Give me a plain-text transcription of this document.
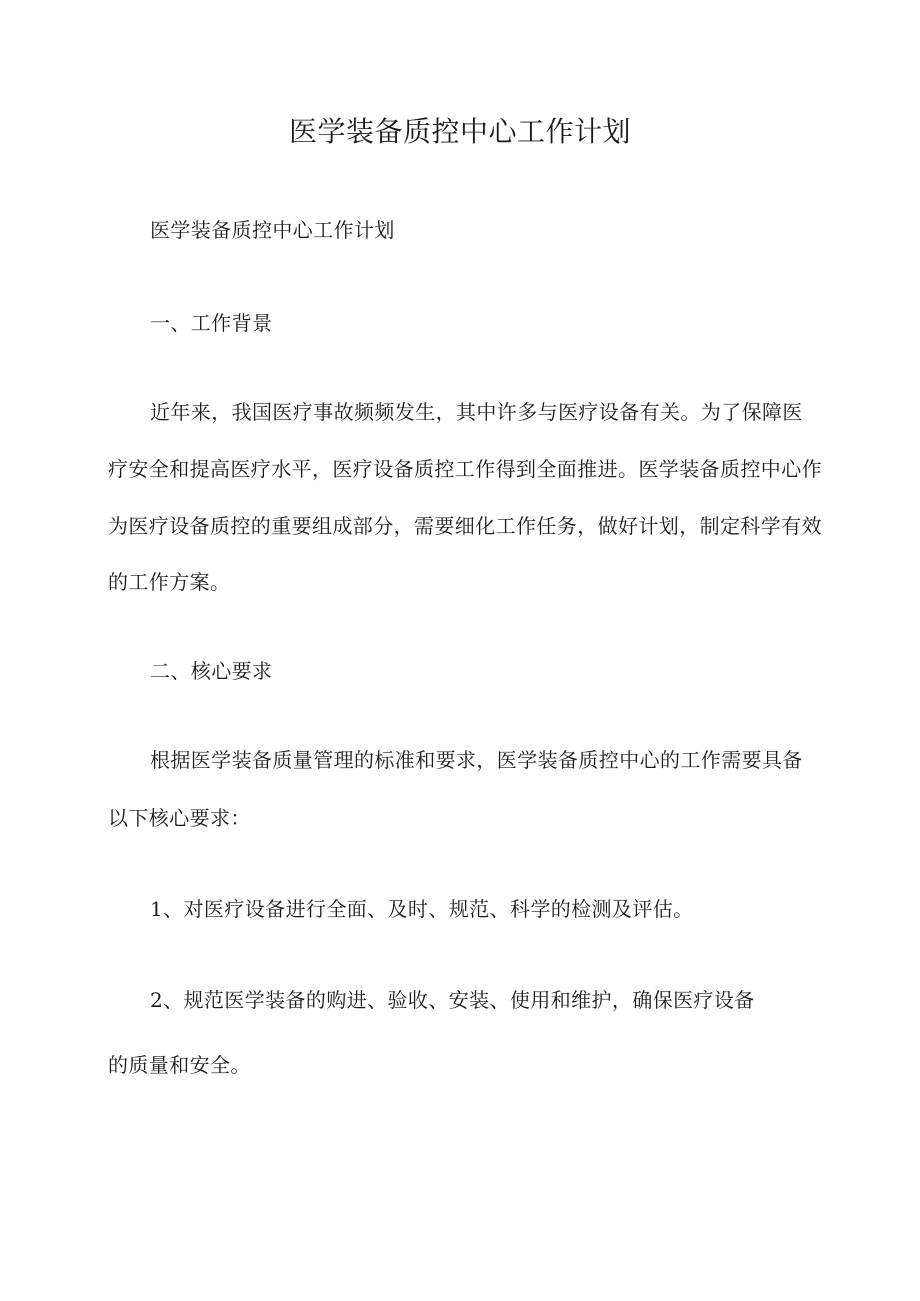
医学装备质控中心工作计划
医学装备质控中心工作计划
一、工作背景
近年来，我国医疗事故频频发生，其中许多与医疗设备有关。为了保障医
疗安全和提高医疗水平，医疗设备质控工作得到全面推进。医学装备质控中心作
为医疗设备质控的重要组成部分，需要细化工作任务，做好计划，制定科学有效
的工作方案。
二、核心要求
根据医学装备质量管理的标准和要求，医学装备质控中心的工作需要具备
以下核心要求：
1、对医疗设备进行全面、及时、规范、科学的检测及评估。
2、规范医学装备的购进、验收、安装、使用和维护，确保医疗设备
的质量和安全。
